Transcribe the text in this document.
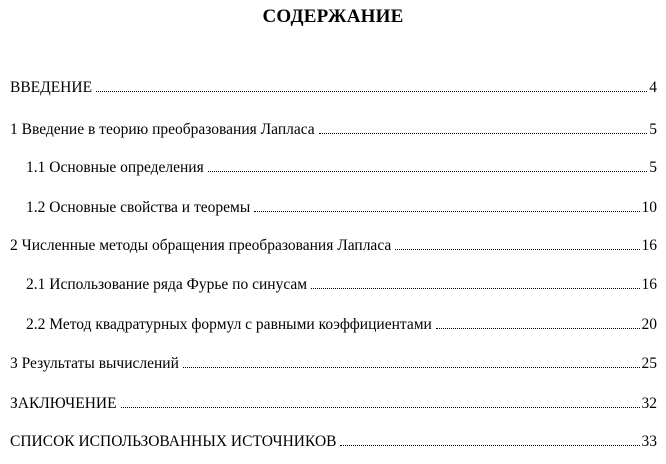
СОДЕРЖАНИЕ
ВВЕДЕНИЕ	4
1 Введение в теорию преобразования Лапласа	5
1.1 Основные определения	5
1.2 Основные свойства и теоремы	10
2 Численные методы обращения преобразования Лапласа	16
2.1 Использование ряда Фурье по синусам	16
2.2 Метод квадратурных формул с равными коэффициентами	20
3 Результаты вычислений	25
ЗАКЛЮЧЕНИЕ	32
СПИСОК ИСПОЛЬЗОВАННЫХ ИСТОЧНИКОВ	33
